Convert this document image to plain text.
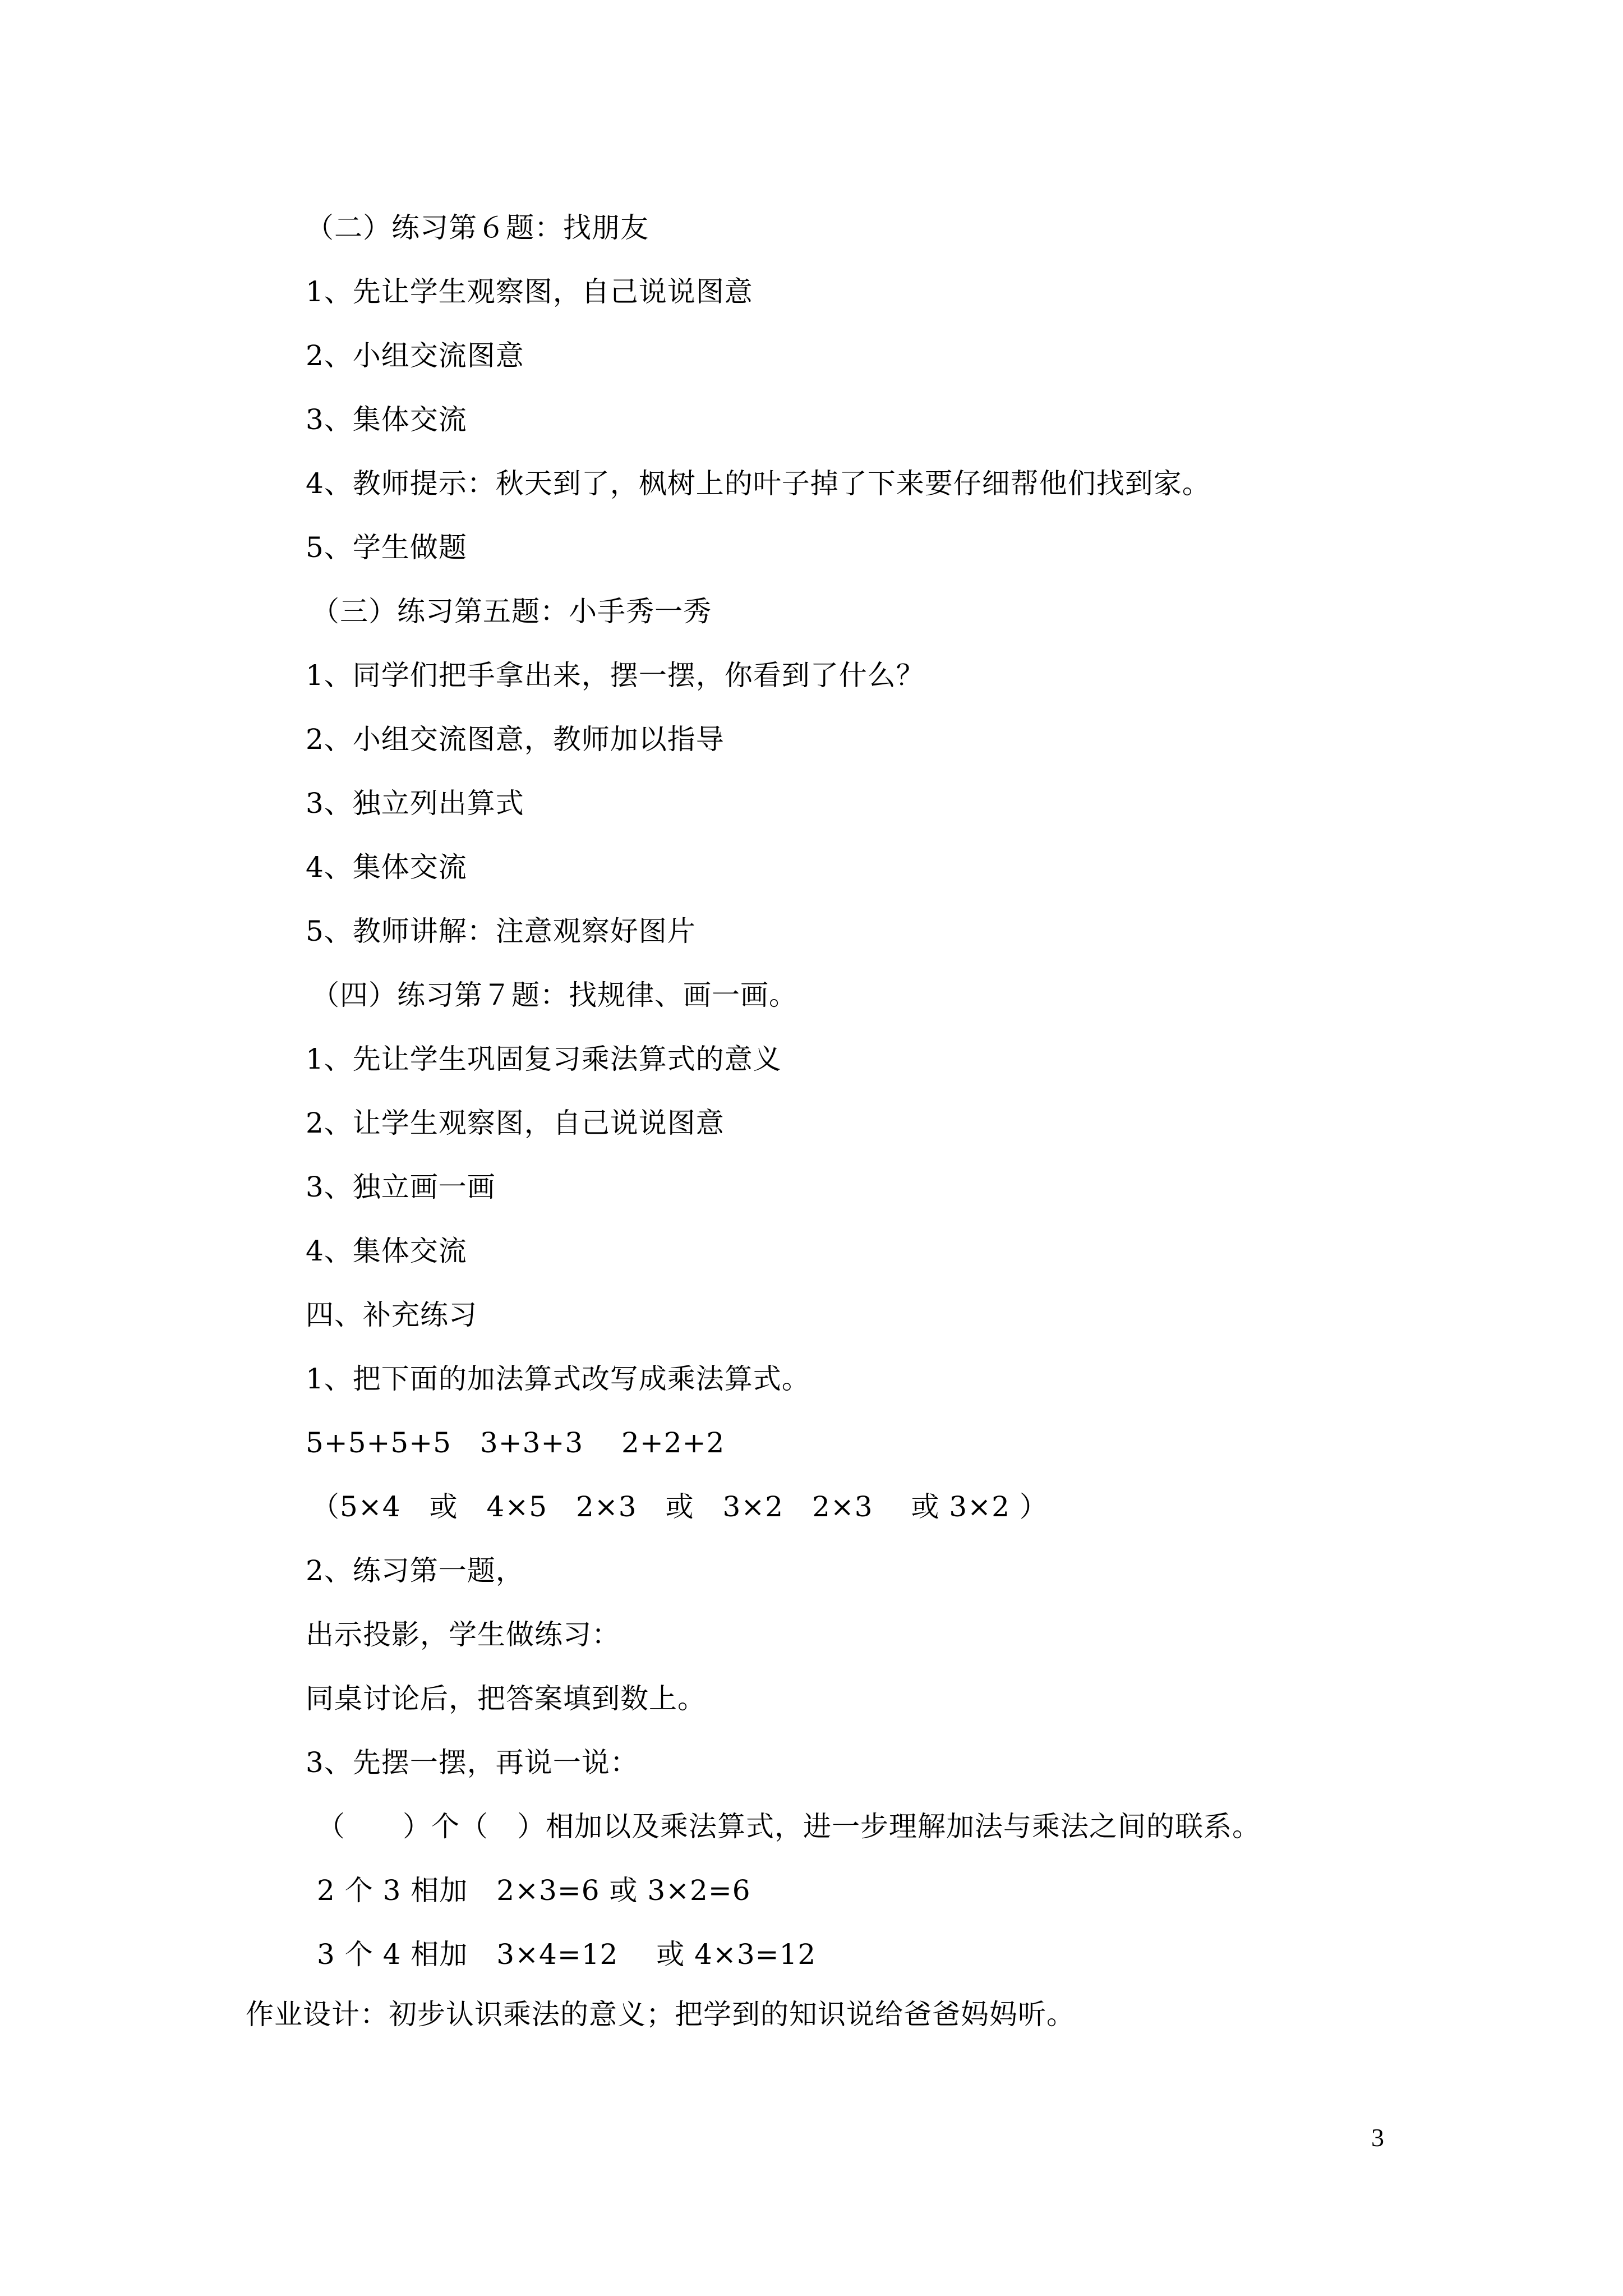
（二）练习第６题：找朋友
1、先让学生观察图，自己说说图意
2、小组交流图意
3、集体交流
4、教师提示：秋天到了，枫树上的叶子掉了下来要仔细帮他们找到家。
5、学生做题
（三）练习第五题：小手秀一秀
1、同学们把手拿出来，摆一摆，你看到了什么？
2、小组交流图意，教师加以指导
3、独立列出算式
4、集体交流
5、教师讲解：注意观察好图片
（四）练习第７题：找规律、画一画。
1、先让学生巩固复习乘法算式的意义
2、让学生观察图，自己说说图意
3、独立画一画
4、集体交流
四、补充练习
1、把下面的加法算式改写成乘法算式。
5+5+5+5　3+3+3　 2+2+2
（5×4　或　4×5　2×3　或　3×2　2×3　 或 3×2 ）
2、练习第一题，
出示投影，学生做练习：
同桌讨论后，把答案填到数上。
3、先摆一摆，再说一说：
（　　）个（　）相加以及乘法算式，进一步理解加法与乘法之间的联系。
2 个 3 相加　2×3=6 或 3×2=6
3 个 4 相加　3×4=12　 或 4×3=12
作业设计：初步认识乘法的意义；把学到的知识说给爸爸妈妈听。
3
